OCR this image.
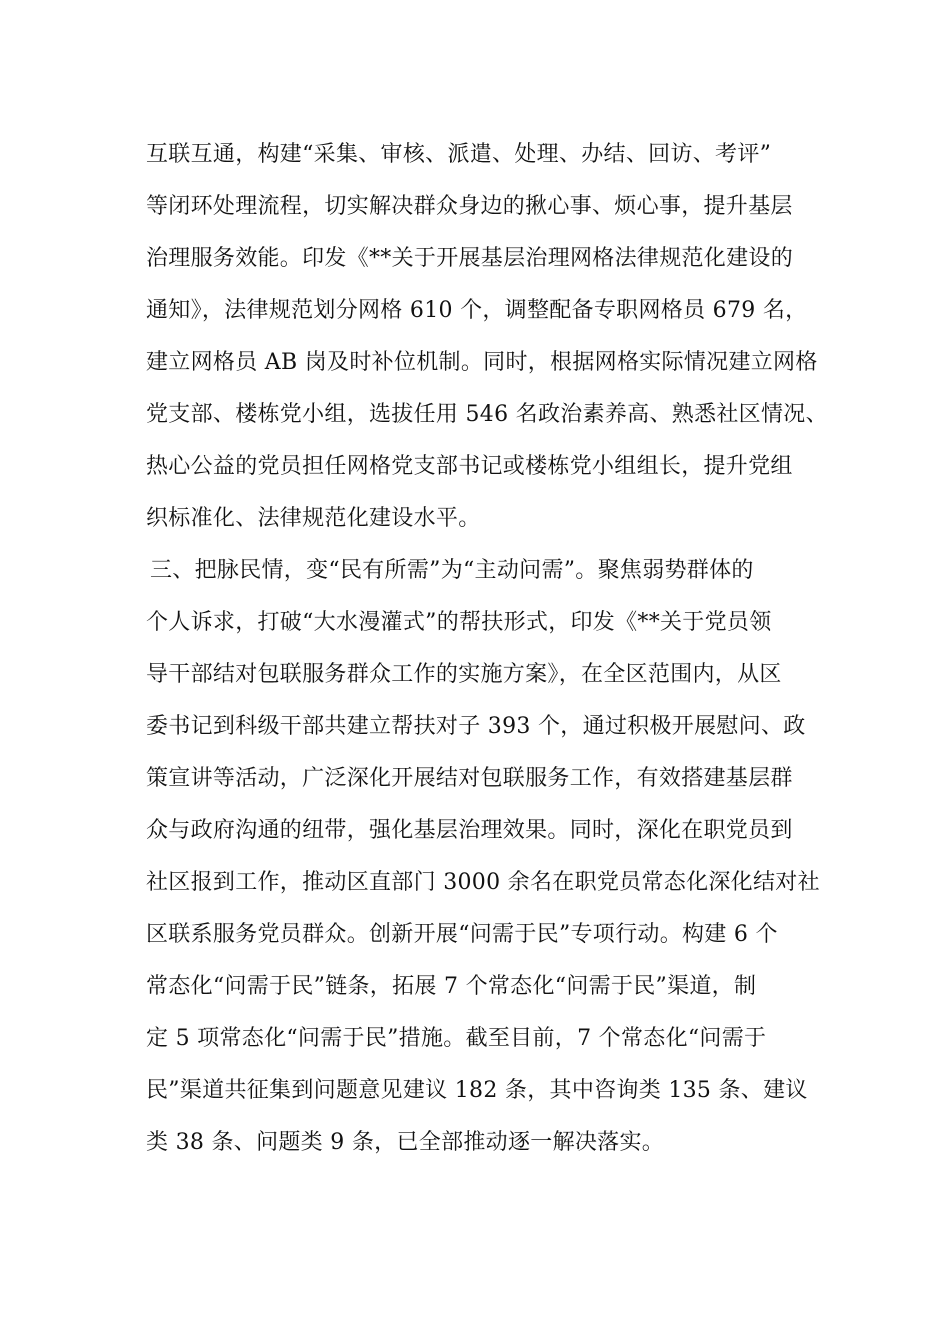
互联互通，构建“采集、审核、派遣、处理、办结、回访、考评”
等闭环处理流程，切实解决群众身边的揪心事、烦心事，提升基层
治理服务效能。印发《**关于开展基层治理网格法律规范化建设的
通知》，法律规范划分网格 610 个，调整配备专职网格员 679 名，
建立网格员 AB 岗及时补位机制。同时，根据网格实际情况建立网格
党支部、楼栋党小组，选拔任用 546 名政治素养高、熟悉社区情况、
热心公益的党员担任网格党支部书记或楼栋党小组组长，提升党组
织标准化、法律规范化建设水平。
三、把脉民情，变“民有所需”为“主动问需”。聚焦弱势群体的
个人诉求，打破“大水漫灌式”的帮扶形式，印发《**关于党员领
导干部结对包联服务群众工作的实施方案》，在全区范围内，从区
委书记到科级干部共建立帮扶对子 393 个，通过积极开展慰问、政
策宣讲等活动，广泛深化开展结对包联服务工作，有效搭建基层群
众与政府沟通的纽带，强化基层治理效果。同时，深化在职党员到
社区报到工作，推动区直部门 3000 余名在职党员常态化深化结对社
区联系服务党员群众。创新开展“问需于民”专项行动。构建 6 个
常态化“问需于民”链条，拓展 7 个常态化“问需于民”渠道，制
定 5 项常态化“问需于民”措施。截至目前，7 个常态化“问需于
民”渠道共征集到问题意见建议 182 条，其中咨询类 135 条、建议
类 38 条、问题类 9 条，已全部推动逐一解决落实。
